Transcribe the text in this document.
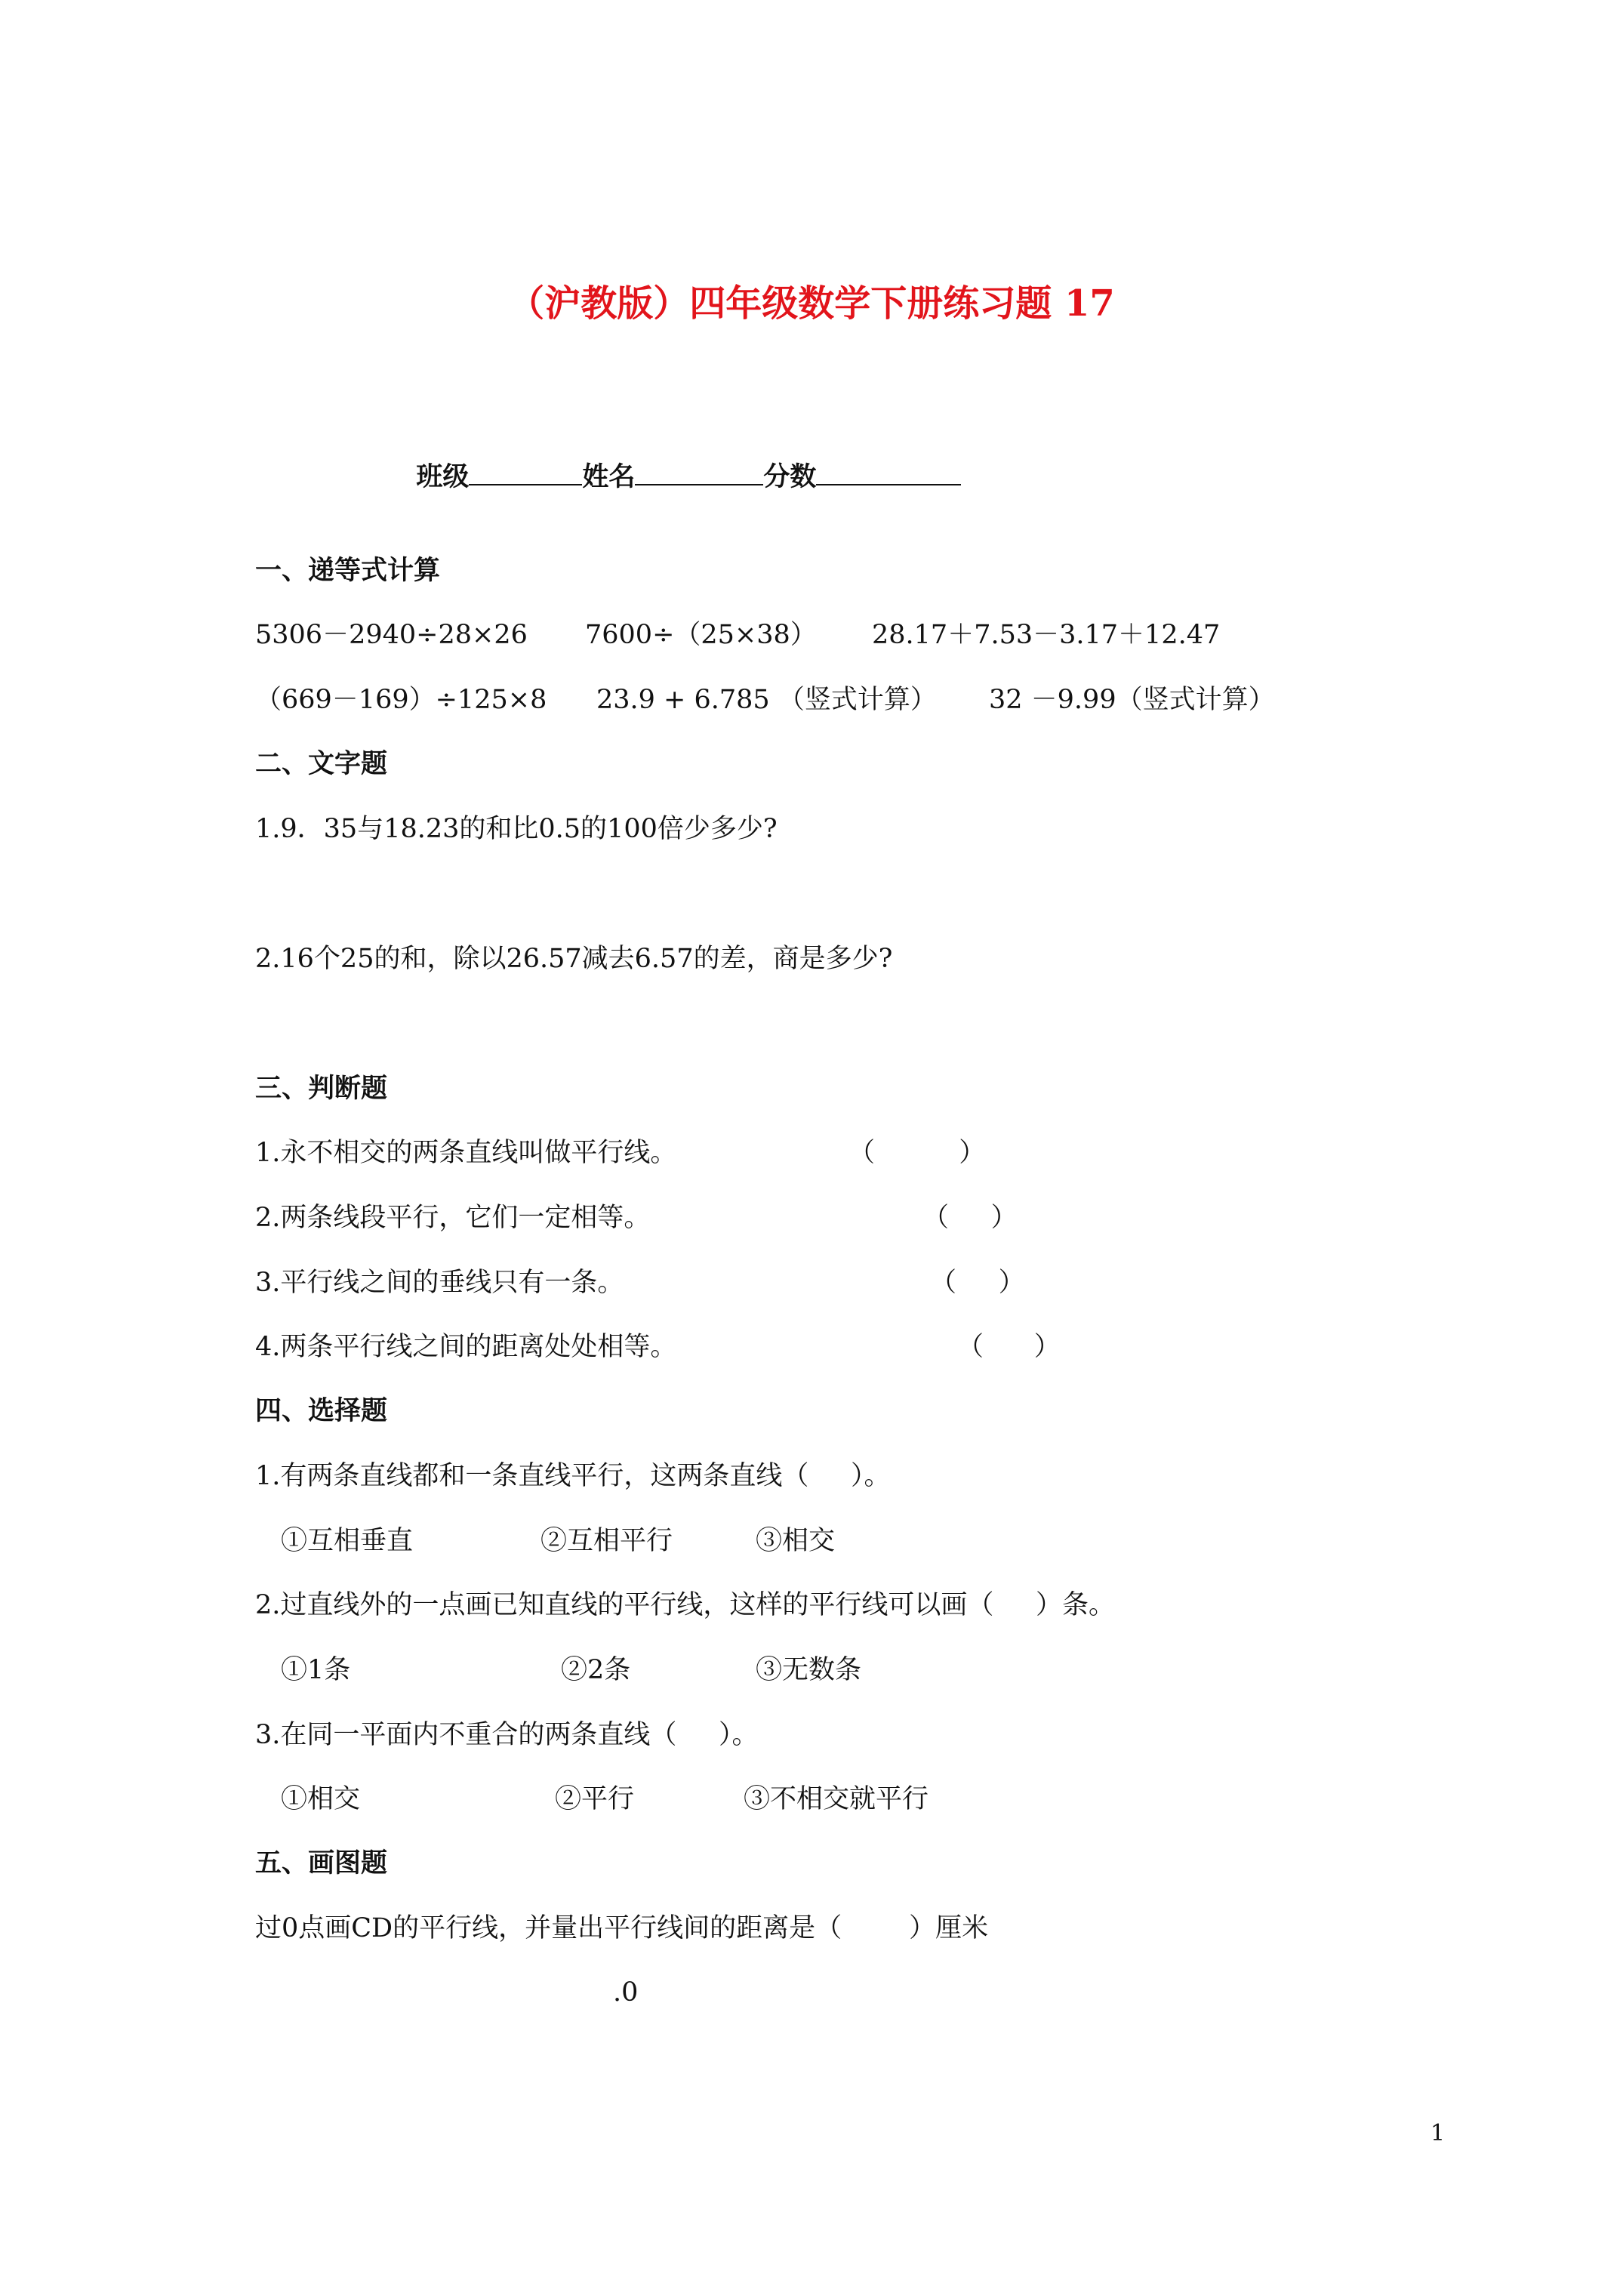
（沪教版）四年级数学下册练习题 17

班级	姓名	分数

一、递等式计算
5306－2940÷28×26 7600÷（25×38） 28.17＋7.53－3.17＋12.47
（669－169）÷125×8 23.9 + 6.785 （竖式计算） 32 －9.99（竖式计算）
二、文字题
1.9．35与18.23的和比0.5的100倍少多少?
2.16个25的和，除以26.57减去6.57的差，商是多少?
三、判断题
1.永不相交的两条直线叫做平行线。	（          ）
2.两条线段平行，它们一定相等。	（     ）
3.平行线之间的垂线只有一条。	（     ）
4.两条平行线之间的距离处处相等。	（      ）
四、选择题
1.有两条直线都和一条直线平行，这两条直线（     ）。
①互相垂直	②互相平行	③相交
2.过直线外的一点画已知直线的平行线，这样的平行线可以画（     ）条。
①1条	②2条	③无数条
3.在同一平面内不重合的两条直线（     ）。
①相交	②平行	③不相交就平行
五、画图题
过0点画CD的平行线，并量出平行线间的距离是（        ）厘米
.0
1
